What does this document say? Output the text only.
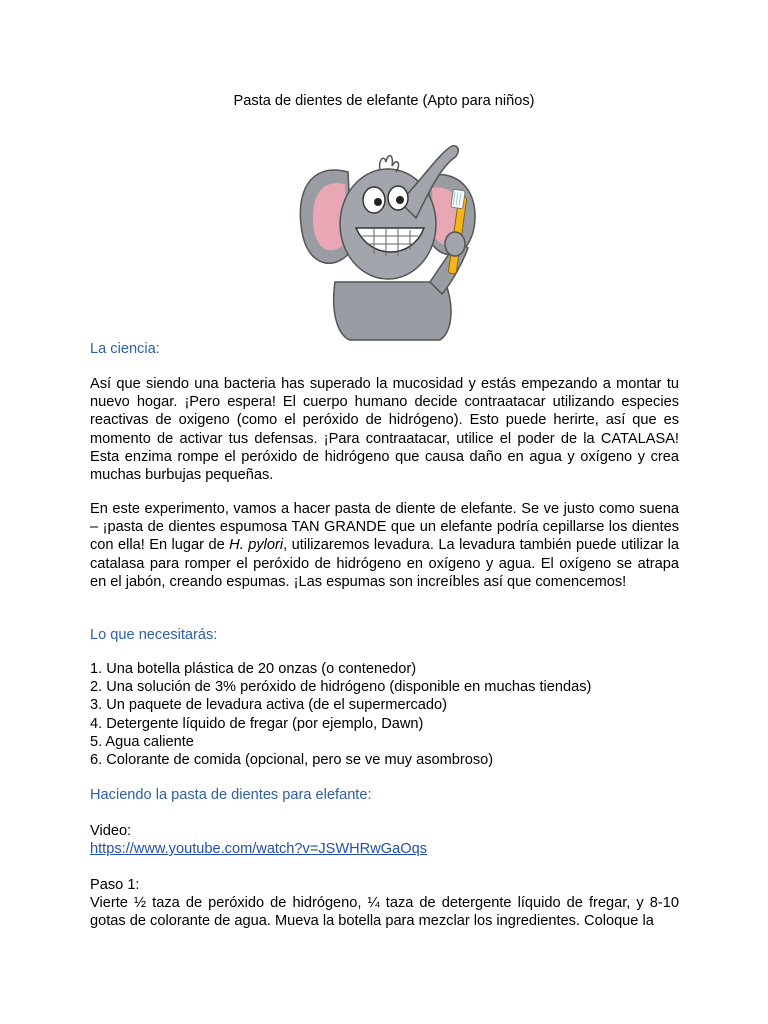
Pasta de dientes de elefante (Apto para niños)
La ciencia:

Así que siendo una bacteria has superado la mucosidad y estás empezando a montar tu nuevo hogar. ¡Pero espera! El cuerpo humano decide contraatacar utilizando especies reactivas de oxigeno (como el peróxido de hidrógeno). Esto puede herirte, así que es momento de activar tus defensas. ¡Para contraatacar, utilice el poder de la CATALASA! Esta enzima rompe el peróxido de hidrógeno que causa daño en agua y oxígeno y crea muchas burbujas pequeñas.

En este experimento, vamos a hacer pasta de diente de elefante. Se ve justo como suena – ¡pasta de dientes espumosa TAN GRANDE que un elefante podría cepillarse los dientes con ella! En lugar de H. pylori, utilizaremos levadura. La levadura también puede utilizar la catalasa para romper el peróxido de hidrógeno en oxígeno y agua. El oxígeno se atrapa en el jabón, creando espumas. ¡Las espumas son increíbles así que comencemos!

Lo que necesitarás:
1. Una botella plástica de 20 onzas (o contenedor)
2. Una solución de 3% peróxido de hidrógeno (disponible en muchas tiendas)
3. Un paquete de levadura activa (de el supermercado)
4. Detergente líquido de fregar (por ejemplo, Dawn)
5. Agua caliente
6. Colorante de comida (opcional, pero se ve muy asombroso)
Haciendo la pasta de dientes para elefante:
Video:
https://www.youtube.com/watch?v=JSWHRwGaOqs
Paso 1:

Vierte ½ taza de peróxido de hidrógeno, ¼ taza de detergente líquido de fregar, y 8-10 gotas de colorante de agua. Mueva la botella para mezclar los ingredientes. Coloque la
